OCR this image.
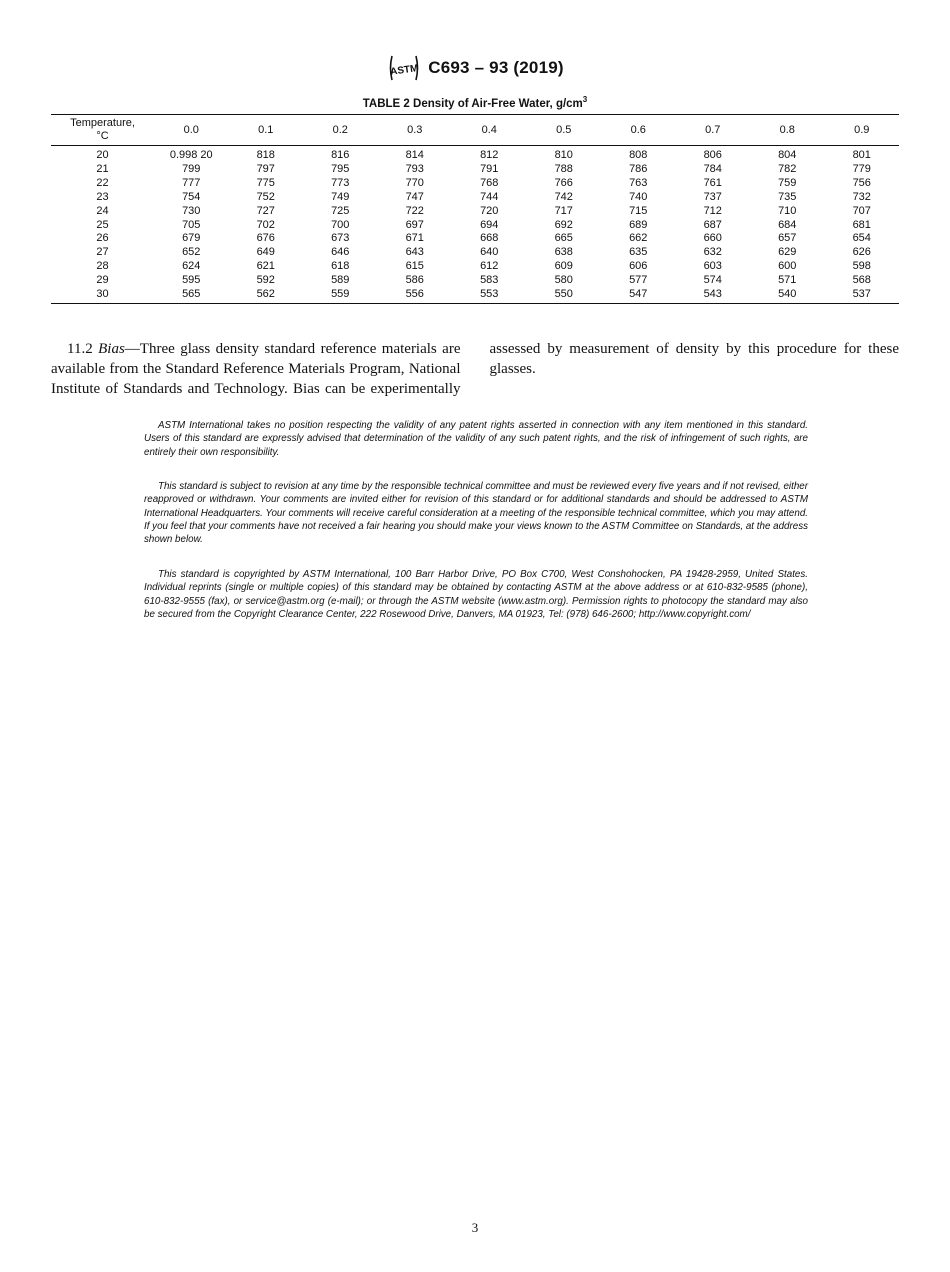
ASTM C693 – 93 (2019)
TABLE 2 Density of Air-Free Water, $g/cm^3$
Temperature,
°C	0.0	0.1	0.2	0.3	0.4	0.5	0.6	0.7	0.8	0.9
20	0.998 20	818	816	814	812	810	808	806	804	801
21	799	797	795	793	791	788	786	784	782	779
22	777	775	773	770	768	766	763	761	759	756
23	754	752	749	747	744	742	740	737	735	732
24	730	727	725	722	720	717	715	712	710	707
25	705	702	700	697	694	692	689	687	684	681
26	679	676	673	671	668	665	662	660	657	654
27	652	649	646	643	640	638	635	632	629	626
28	624	621	618	615	612	609	606	603	600	598
29	595	592	589	586	583	580	577	574	571	568
30	565	562	559	556	553	550	547	543	540	537

11.2 Bias—Three glass density standard reference materials are available from the Standard Reference Materials Program, National Institute of Standards and Technology. Bias can be experimentally assessed by measurement of density by this procedure for these glasses.

ASTM International takes no position respecting the validity of any patent rights asserted in connection with any item mentioned in this standard. Users of this standard are expressly advised that determination of the validity of any such patent rights, and the risk of infringement of such rights, are entirely their own responsibility.

This standard is subject to revision at any time by the responsible technical committee and must be reviewed every five years and if not revised, either reapproved or withdrawn. Your comments are invited either for revision of this standard or for additional standards and should be addressed to ASTM International Headquarters. Your comments will receive careful consideration at a meeting of the responsible technical committee, which you may attend. If you feel that your comments have not received a fair hearing you should make your views known to the ASTM Committee on Standards, at the address shown below.

This standard is copyrighted by ASTM International, 100 Barr Harbor Drive, PO Box C700, West Conshohocken, PA 19428-2959, United States. Individual reprints (single or multiple copies) of this standard may be obtained by contacting ASTM at the above address or at 610-832-9585 (phone), 610-832-9555 (fax), or service@astm.org (e-mail); or through the ASTM website (www.astm.org). Permission rights to photocopy the standard may also be secured from the Copyright Clearance Center, 222 Rosewood Drive, Danvers, MA 01923, Tel: (978) 646-2600; http://www.copyright.com/

3
